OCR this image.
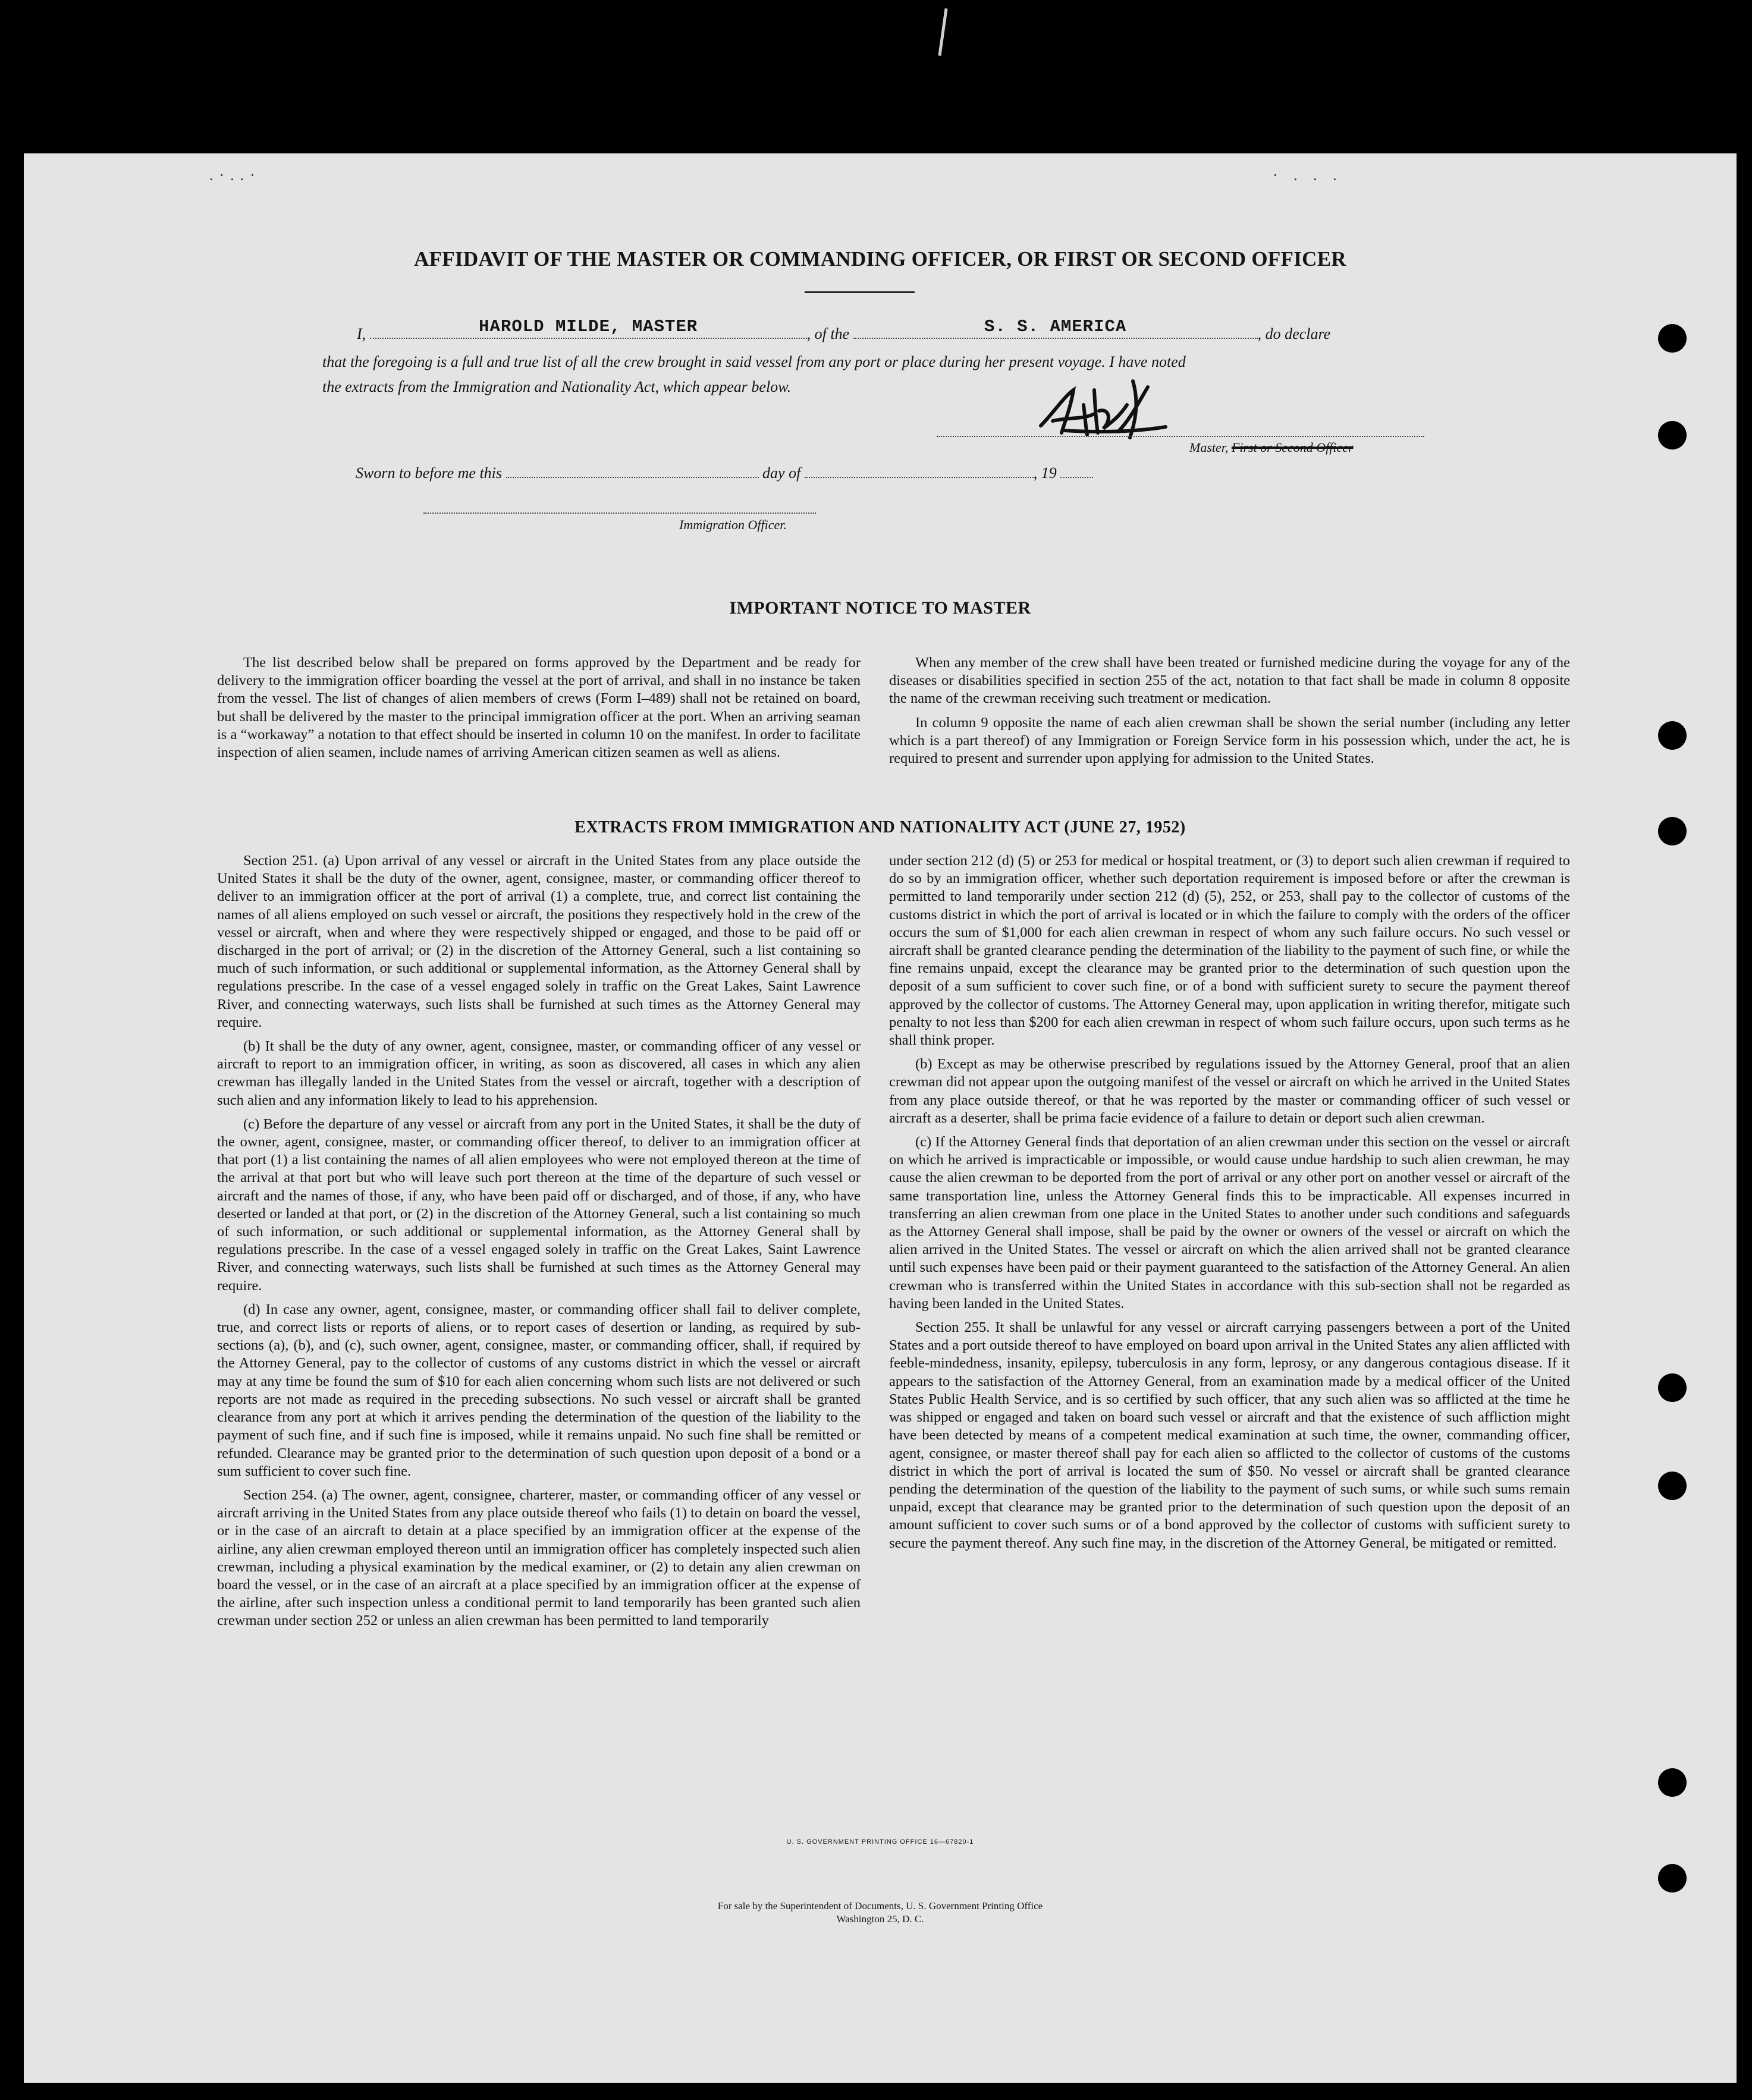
.·..·	· . . .
AFFIDAVIT OF THE MASTER OR COMMANDING OFFICER, OR FIRST OR SECOND OFFICER
I,	HAROLD MILDE, MASTER	, of the	S. S. AMERICA	, do declare
that the foregoing is a full and true list of all the crew brought in said vessel from any port or place during her present voyage. I have noted
the extracts from the Immigration and Nationality Act, which appear below.
Master, First or Second Officer
Sworn to before me this	day of	, 19
Immigration Officer.
IMPORTANT NOTICE TO MASTER

The list described below shall be prepared on forms approved by the Department and be ready for delivery to the immigration officer boarding the vessel at the port of arrival, and shall in no instance be taken from the vessel. The list of changes of alien members of crews (Form I–489) shall not be retained on board, but shall be delivered by the master to the principal immigration officer at the port. When an arriving seaman is a “workaway” a notation to that effect should be inserted in column 10 on the manifest. In order to facilitate inspection of alien seamen, include names of arriving American citizen seamen as well as aliens.

When any member of the crew shall have been treated or furnished medicine during the voyage for any of the diseases or disabilities specified in section 255 of the act, notation to that fact shall be made in column 8 opposite the name of the crewman receiving such treatment or medication.

In column 9 opposite the name of each alien crewman shall be shown the serial number (including any letter which is a part thereof) of any Immigration or Foreign Service form in his possession which, under the act, he is required to present and surrender upon applying for admission to the United States.

EXTRACTS FROM IMMIGRATION AND NATIONALITY ACT (JUNE 27, 1952)

Section 251. (a) Upon arrival of any vessel or aircraft in the United States from any place outside the United States it shall be the duty of the owner, agent, consignee, master, or commanding officer thereof to deliver to an immigration officer at the port of arrival (1) a complete, true, and correct list containing the names of all aliens employed on such vessel or aircraft, the positions they respectively hold in the crew of the vessel or aircraft, when and where they were respectively shipped or engaged, and those to be paid off or discharged in the port of arrival; or (2) in the discretion of the Attorney General, such a list containing so much of such information, or such additional or supplemental information, as the Attorney General shall by regulations prescribe. In the case of a vessel engaged solely in traffic on the Great Lakes, Saint Lawrence River, and connecting waterways, such lists shall be furnished at such times as the Attorney General may require.

(b) It shall be the duty of any owner, agent, consignee, master, or commanding officer of any vessel or aircraft to report to an immigration officer, in writing, as soon as discovered, all cases in which any alien crewman has illegally landed in the United States from the vessel or aircraft, together with a description of such alien and any information likely to lead to his apprehension.

(c) Before the departure of any vessel or aircraft from any port in the United States, it shall be the duty of the owner, agent, consignee, master, or commanding officer thereof, to deliver to an immigration officer at that port (1) a list containing the names of all alien employees who were not employed thereon at the time of the arrival at that port but who will leave such port thereon at the time of the departure of such vessel or aircraft and the names of those, if any, who have been paid off or discharged, and of those, if any, who have deserted or landed at that port, or (2) in the discretion of the Attorney General, such a list containing so much of such information, or such additional or supplemental information, as the Attorney General shall by regulations prescribe. In the case of a vessel engaged solely in traffic on the Great Lakes, Saint Lawrence River, and connecting waterways, such lists shall be furnished at such times as the Attorney General may require.

(d) In case any owner, agent, consignee, master, or commanding officer shall fail to deliver complete, true, and correct lists or reports of aliens, or to report cases of desertion or landing, as required by sub-sections (a), (b), and (c), such owner, agent, consignee, master, or commanding officer, shall, if required by the Attorney General, pay to the collector of customs of any customs district in which the vessel or aircraft may at any time be found the sum of $10 for each alien concerning whom such lists are not delivered or such reports are not made as required in the preceding subsections. No such vessel or aircraft shall be granted clearance from any port at which it arrives pending the determination of the question of the liability to the payment of such fine, and if such fine is imposed, while it remains unpaid. No such fine shall be remitted or refunded. Clearance may be granted prior to the determination of such question upon deposit of a bond or a sum sufficient to cover such fine.

Section 254. (a) The owner, agent, consignee, charterer, master, or commanding officer of any vessel or aircraft arriving in the United States from any place outside thereof who fails (1) to detain on board the vessel, or in the case of an aircraft to detain at a place specified by an immigration officer at the expense of the airline, any alien crewman employed thereon until an immigration officer has completely inspected such alien crewman, including a physical examination by the medical examiner, or (2) to detain any alien crewman on board the vessel, or in the case of an aircraft at a place specified by an immigration officer at the expense of the airline, after such inspection unless a conditional permit to land temporarily has been granted such alien crewman under section 252 or unless an alien crewman has been permitted to land temporarily

under section 212 (d) (5) or 253 for medical or hospital treatment, or (3) to deport such alien crewman if required to do so by an immigration officer, whether such deportation requirement is imposed before or after the crewman is permitted to land temporarily under section 212 (d) (5), 252, or 253, shall pay to the collector of customs of the customs district in which the port of arrival is located or in which the failure to comply with the orders of the officer occurs the sum of $1,000 for each alien crewman in respect of whom any such failure occurs. No such vessel or aircraft shall be granted clearance pending the determination of the liability to the payment of such fine, or while the fine remains unpaid, except the clearance may be granted prior to the determination of such question upon the deposit of a sum sufficient to cover such fine, or of a bond with sufficient surety to secure the payment thereof approved by the collector of customs. The Attorney General may, upon application in writing therefor, mitigate such penalty to not less than $200 for each alien crewman in respect of whom such failure occurs, upon such terms as he shall think proper.

(b) Except as may be otherwise prescribed by regulations issued by the Attorney General, proof that an alien crewman did not appear upon the outgoing manifest of the vessel or aircraft on which he arrived in the United States from any place outside thereof, or that he was reported by the master or commanding officer of such vessel or aircraft as a deserter, shall be prima facie evidence of a failure to detain or deport such alien crewman.

(c) If the Attorney General finds that deportation of an alien crewman under this section on the vessel or aircraft on which he arrived is impracticable or impossible, or would cause undue hardship to such alien crewman, he may cause the alien crewman to be deported from the port of arrival or any other port on another vessel or aircraft of the same transportation line, unless the Attorney General finds this to be impracticable. All expenses incurred in transferring an alien crewman from one place in the United States to another under such conditions and safeguards as the Attorney General shall impose, shall be paid by the owner or owners of the vessel or aircraft on which the alien arrived in the United States. The vessel or aircraft on which the alien arrived shall not be granted clearance until such expenses have been paid or their payment guaranteed to the satisfaction of the Attorney General. An alien crewman who is transferred within the United States in accordance with this sub-section shall not be regarded as having been landed in the United States.

Section 255. It shall be unlawful for any vessel or aircraft carrying passengers between a port of the United States and a port outside thereof to have employed on board upon arrival in the United States any alien afflicted with feeble-mindedness, insanity, epilepsy, tuberculosis in any form, leprosy, or any dangerous contagious disease. If it appears to the satisfaction of the Attorney General, from an examination made by a medical officer of the United States Public Health Service, and is so certified by such officer, that any such alien was so afflicted at the time he was shipped or engaged and taken on board such vessel or aircraft and that the existence of such affliction might have been detected by means of a competent medical examination at such time, the owner, commanding officer, agent, consignee, or master thereof shall pay for each alien so afflicted to the collector of customs of the customs district in which the port of arrival is located the sum of $50. No vessel or aircraft shall be granted clearance pending the determination of the question of the liability to the payment of such sums, or while such sums remain unpaid, except that clearance may be granted prior to the determination of such question upon the deposit of an amount sufficient to cover such sums or of a bond approved by the collector of customs with sufficient surety to secure the payment thereof. Any such fine may, in the discretion of the Attorney General, be mitigated or remitted.

U. S. GOVERNMENT PRINTING OFFICE 16—67820-1
For sale by the Superintendent of Documents, U. S. Government Printing Office
Washington 25, D. C.
